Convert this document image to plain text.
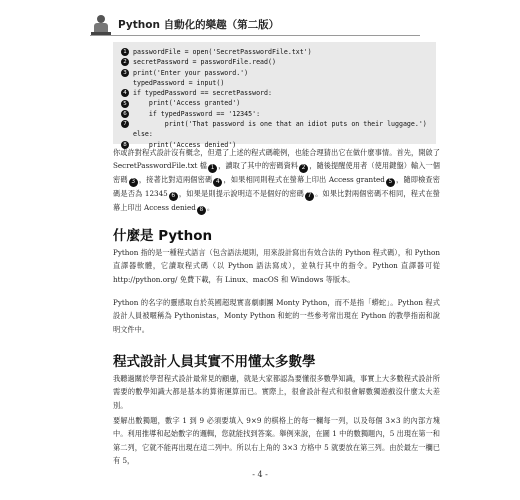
Python 自動化的樂趣（第二版）
1 passwordFile = open('SecretPasswordFile.txt')
2 secretPassword = passwordFile.read()
3 print('Enter your password.')
typedPassword = input()
4 if typedPassword == secretPassword:
5 print('Access granted')
6 if typedPassword == '12345':
7 print('That password is one that an idiot puts on their luggage.')
else:
8 print('Access denied')
你或許對程式設計沒有概念，但還了上述的程式碼範例，也能合理猜出它在做什麼事情。首先，開啟了 SecretPasswordFile.txt 檔 1 ，讀取了其中的密碼資料 2 ，隨後提醒使用者（使用鍵盤）輸入一個密碼 3 ，接著比對這兩個密碼 4 ，如果相同則程式在螢幕上印出 Access granted 5 ，隨即檢查密碼是否為 12345 6 ，如果是則提示說明這不是個好的密碼 7 。如果比對兩個密碼不相同，程式在螢幕上印出 Access denied 8 。
什麼是 Python
Python 指的是一種程式語言（包含語法規則，用來設計寫出有效合法的 Python 程式碼），和 Python 直譯器軟體，它讀取程式碼（以 Python 語法寫成），並執行其中的指令。Python 直譯器可從 http://python.org/ 免費下載，有 Linux、macOS 和 Windows 等版本。
Python 的名字的靈感取自於英國超現實喜劇劇團 Monty Python，而不是指「蟒蛇」。Python 程式設計人員被暱稱為 Pythonistas，Monty Python 和蛇的一些參考常出現在 Python 的教學指南和說明文件中。
程式設計人員其實不用懂太多數學
我聽過關於學習程式設計最常見的顧慮，就是大家都認為要懂很多數學知識，事實上大多數程式設計所需要的數學知識大都是基本的算術運算而已。實際上，很會設計程式和很會解數獨遊戲沒什麼太大差別。
要解出數獨題，數字 1 到 9 必須要填入 9×9 的棋格上的每一欄每一列，以及每個 3×3 的內部方塊中。利用推導和起始數字的邏輯，您就能找到答案。舉例來說，在圖 1 中的數獨題內，5 出現在第一和第二列，它就不能再出現在這二列中。所以右上角的 3×3 方格中 5 就要放在第三列。由於最左一欄已有 5，
- 4 -
